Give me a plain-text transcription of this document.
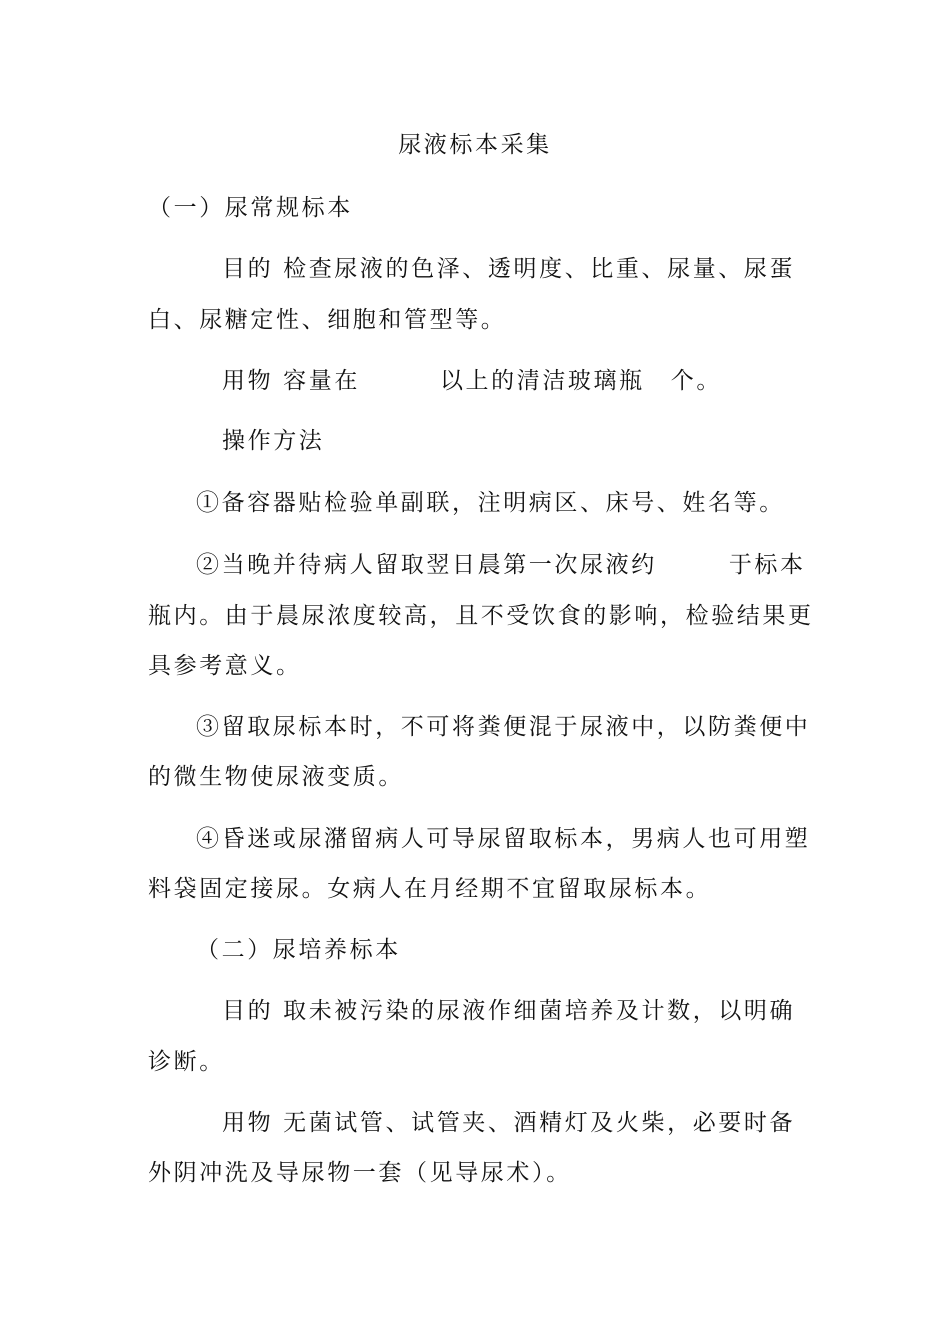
尿液标本采集
（一）尿常规标本
目的 检查尿液的色泽、透明度、比重、尿量、尿蛋
白、尿糖定性、细胞和管型等。
用物 容量在	以上的清洁玻璃瓶 个。
操作方法
①备容器贴检验单副联，注明病区、床号、姓名等。
②当晚并待病人留取翌日晨第一次尿液约	于标本
瓶内。由于晨尿浓度较高，且不受饮食的影响，检验结果更
具参考意义。
③留取尿标本时，不可将粪便混于尿液中，以防粪便中
的微生物使尿液变质。
④昏迷或尿潴留病人可导尿留取标本，男病人也可用塑
料袋固定接尿。女病人在月经期不宜留取尿标本。
（二）尿培养标本
目的 取未被污染的尿液作细菌培养及计数，以明确
诊断。
用物 无菌试管、试管夹、酒精灯及火柴，必要时备
外阴冲洗及导尿物一套（见导尿术）。
